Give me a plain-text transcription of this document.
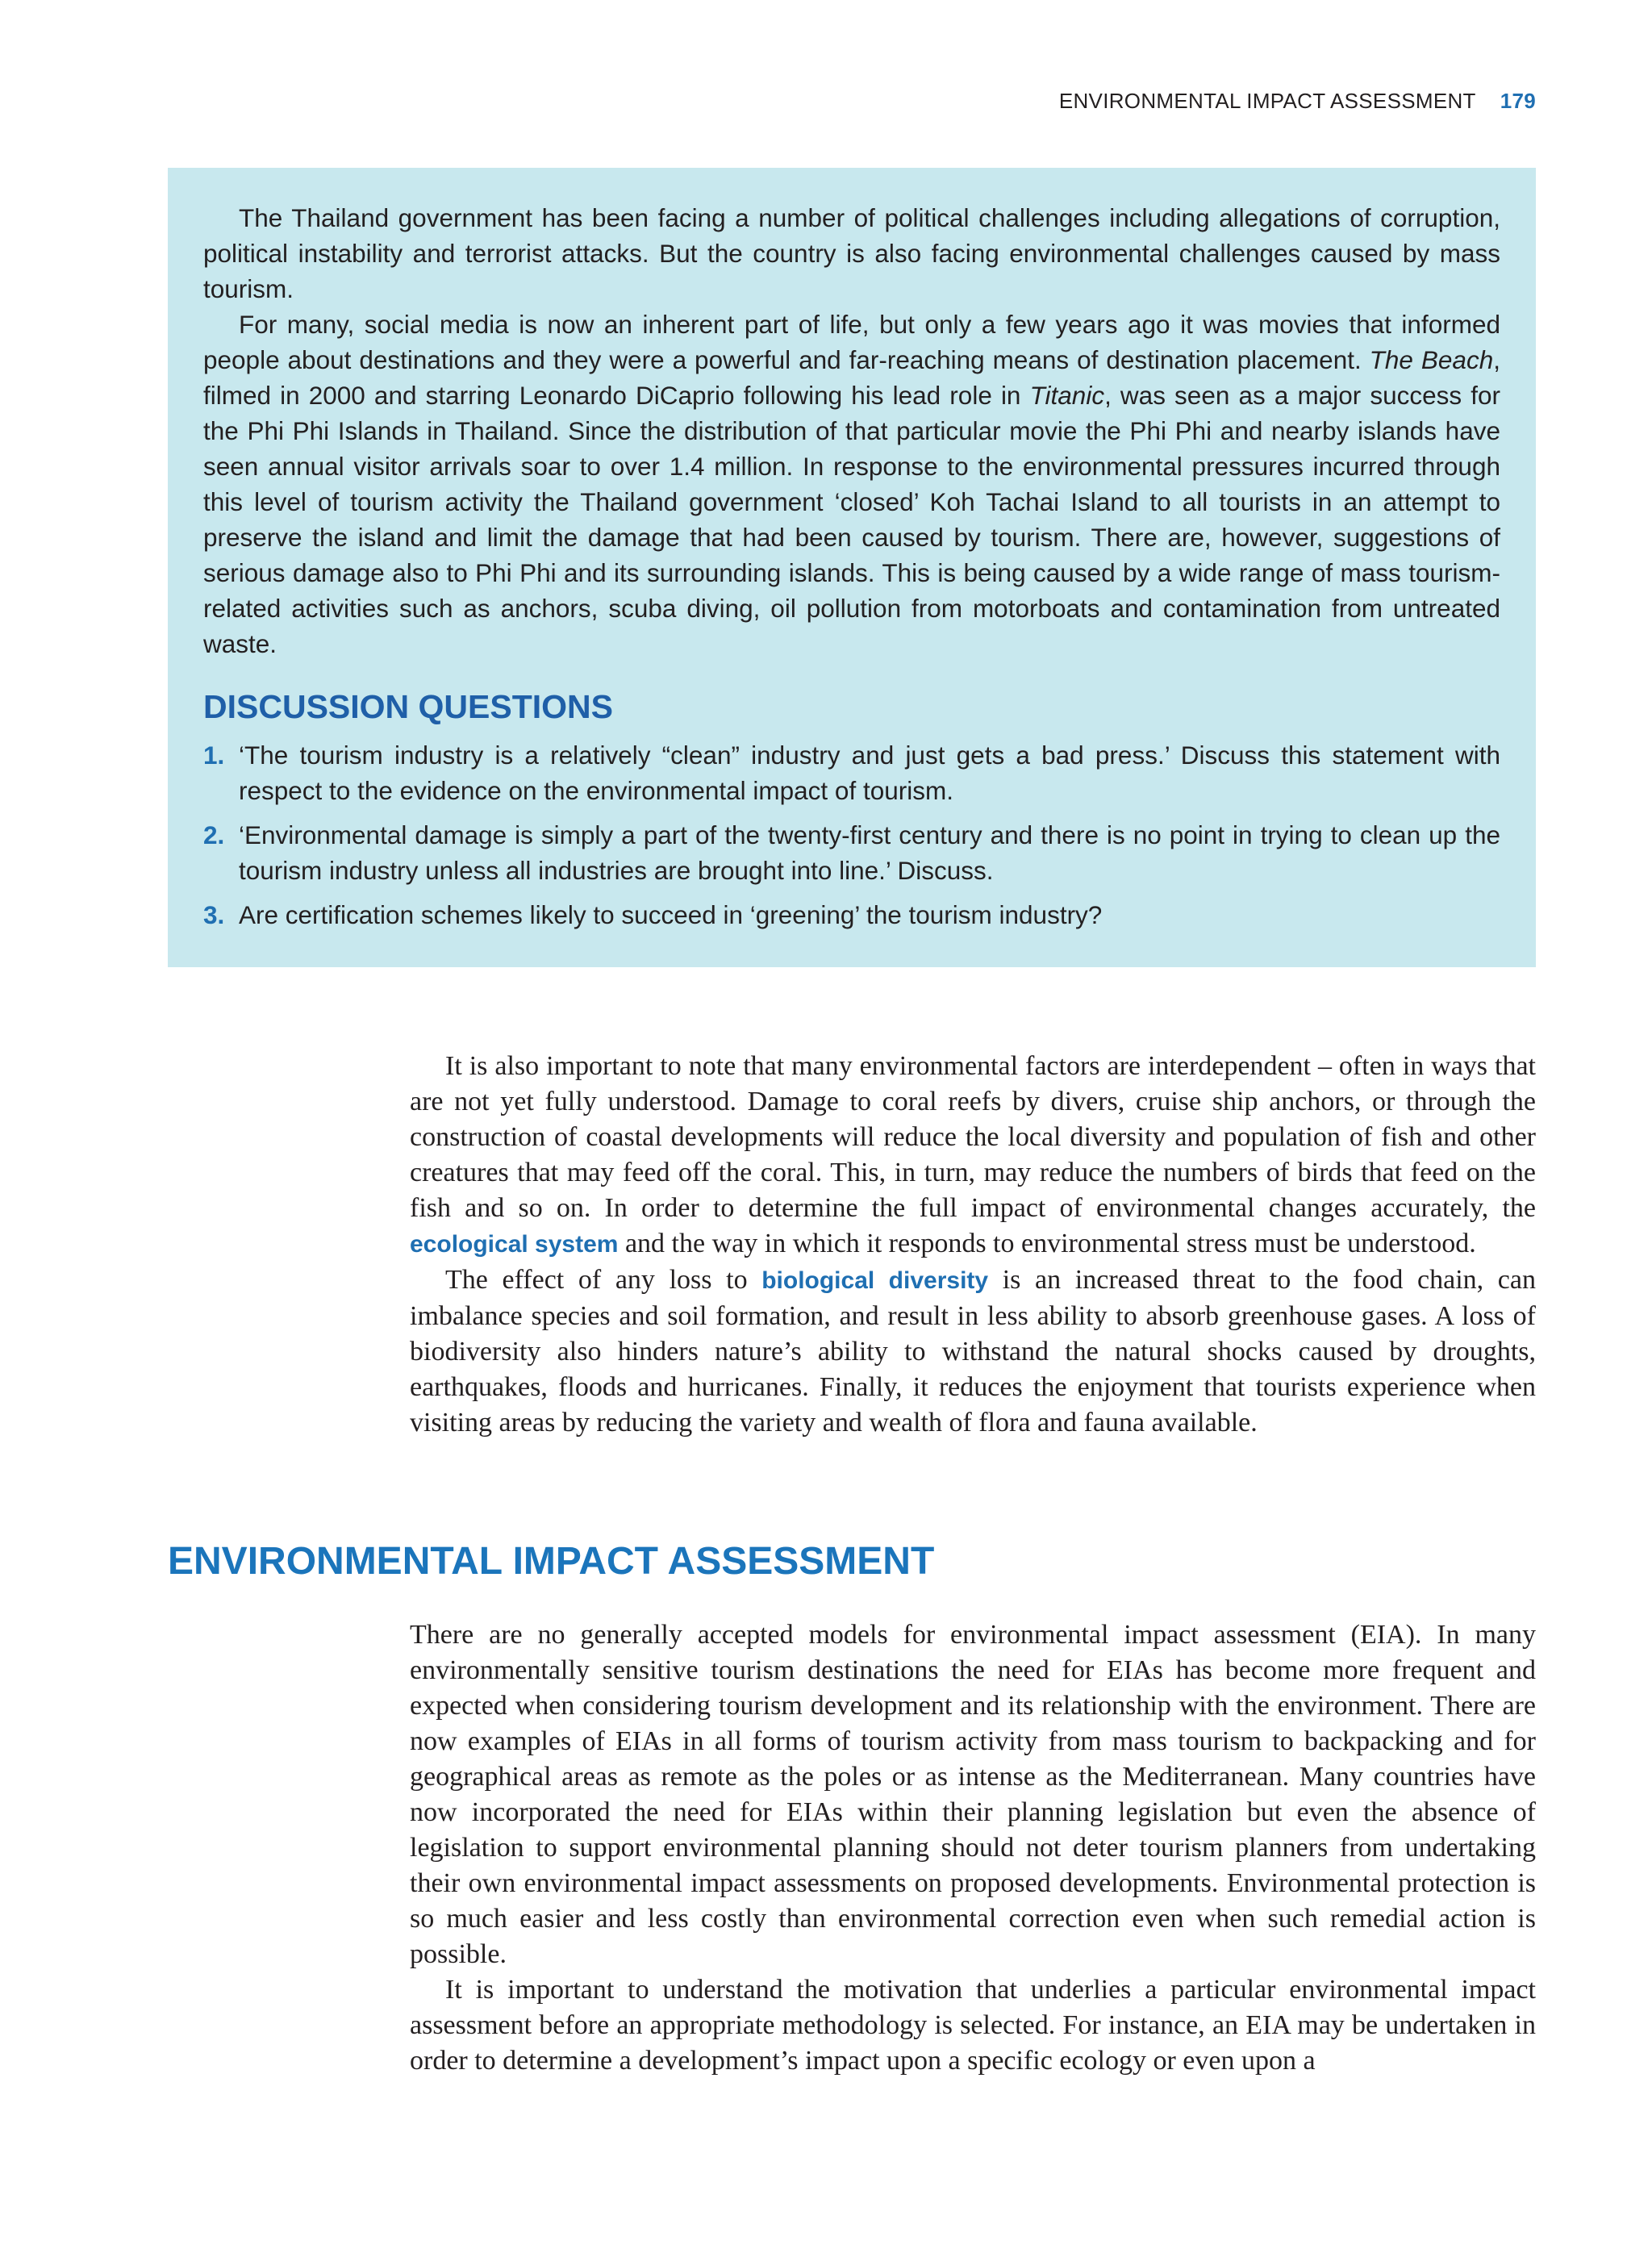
ENVIRONMENTAL IMPACT ASSESSMENT 179

The Thailand government has been facing a number of political challenges including allegations of corruption, political instability and terrorist attacks. But the country is also facing environmental challenges caused by mass tourism.

For many, social media is now an inherent part of life, but only a few years ago it was movies that informed people about destinations and they were a powerful and far-reaching means of destination placement. The Beach, filmed in 2000 and starring Leonardo DiCaprio following his lead role in Titanic, was seen as a major success for the Phi Phi Islands in Thailand. Since the distribution of that particular movie the Phi Phi and nearby islands have seen annual visitor arrivals soar to over 1.4 million. In response to the environmental pressures incurred through this level of tourism activity the Thailand government ‘closed’ Koh Tachai Island to all tourists in an attempt to preserve the island and limit the damage that had been caused by tourism. There are, however, suggestions of serious damage also to Phi Phi and its surrounding islands. This is being caused by a wide range of mass tourism-related activities such as anchors, scuba diving, oil pollution from motorboats and contamination from untreated waste.

DISCUSSION QUESTIONS
1. ‘The tourism industry is a relatively “clean” industry and just gets a bad press.’ Discuss this statement with respect to the evidence on the environmental impact of tourism.
2. ‘Environmental damage is simply a part of the twenty-first century and there is no point in trying to clean up the tourism industry unless all industries are brought into line.’ Discuss.
3. Are certification schemes likely to succeed in ‘greening’ the tourism industry?

It is also important to note that many environmental factors are interdependent – often in ways that are not yet fully understood. Damage to coral reefs by divers, cruise ship anchors, or through the construction of coastal developments will reduce the local diversity and population of fish and other creatures that may feed off the coral. This, in turn, may reduce the numbers of birds that feed on the fish and so on. In order to determine the full impact of environmental changes accurately, the ecological system and the way in which it responds to environmental stress must be understood.

The effect of any loss to biological diversity is an increased threat to the food chain, can imbalance species and soil formation, and result in less ability to absorb greenhouse gases. A loss of biodiversity also hinders nature’s ability to withstand the natural shocks caused by droughts, earthquakes, floods and hurricanes. Finally, it reduces the enjoyment that tourists experience when visiting areas by reducing the variety and wealth of flora and fauna available.

ENVIRONMENTAL IMPACT ASSESSMENT

There are no generally accepted models for environmental impact assessment (EIA). In many environmentally sensitive tourism destinations the need for EIAs has become more frequent and expected when considering tourism development and its relationship with the environment. There are now examples of EIAs in all forms of tourism activity from mass tourism to backpacking and for geographical areas as remote as the poles or as intense as the Mediterranean. Many countries have now incorporated the need for EIAs within their planning legislation but even the absence of legislation to support environmental planning should not deter tourism planners from undertaking their own environmental impact assessments on proposed developments. Environmental protection is so much easier and less costly than environmental correction even when such remedial action is possible.

It is important to understand the motivation that underlies a particular environmental impact assessment before an appropriate methodology is selected. For instance, an EIA may be undertaken in order to determine a development’s impact upon a specific ecology or even upon a
